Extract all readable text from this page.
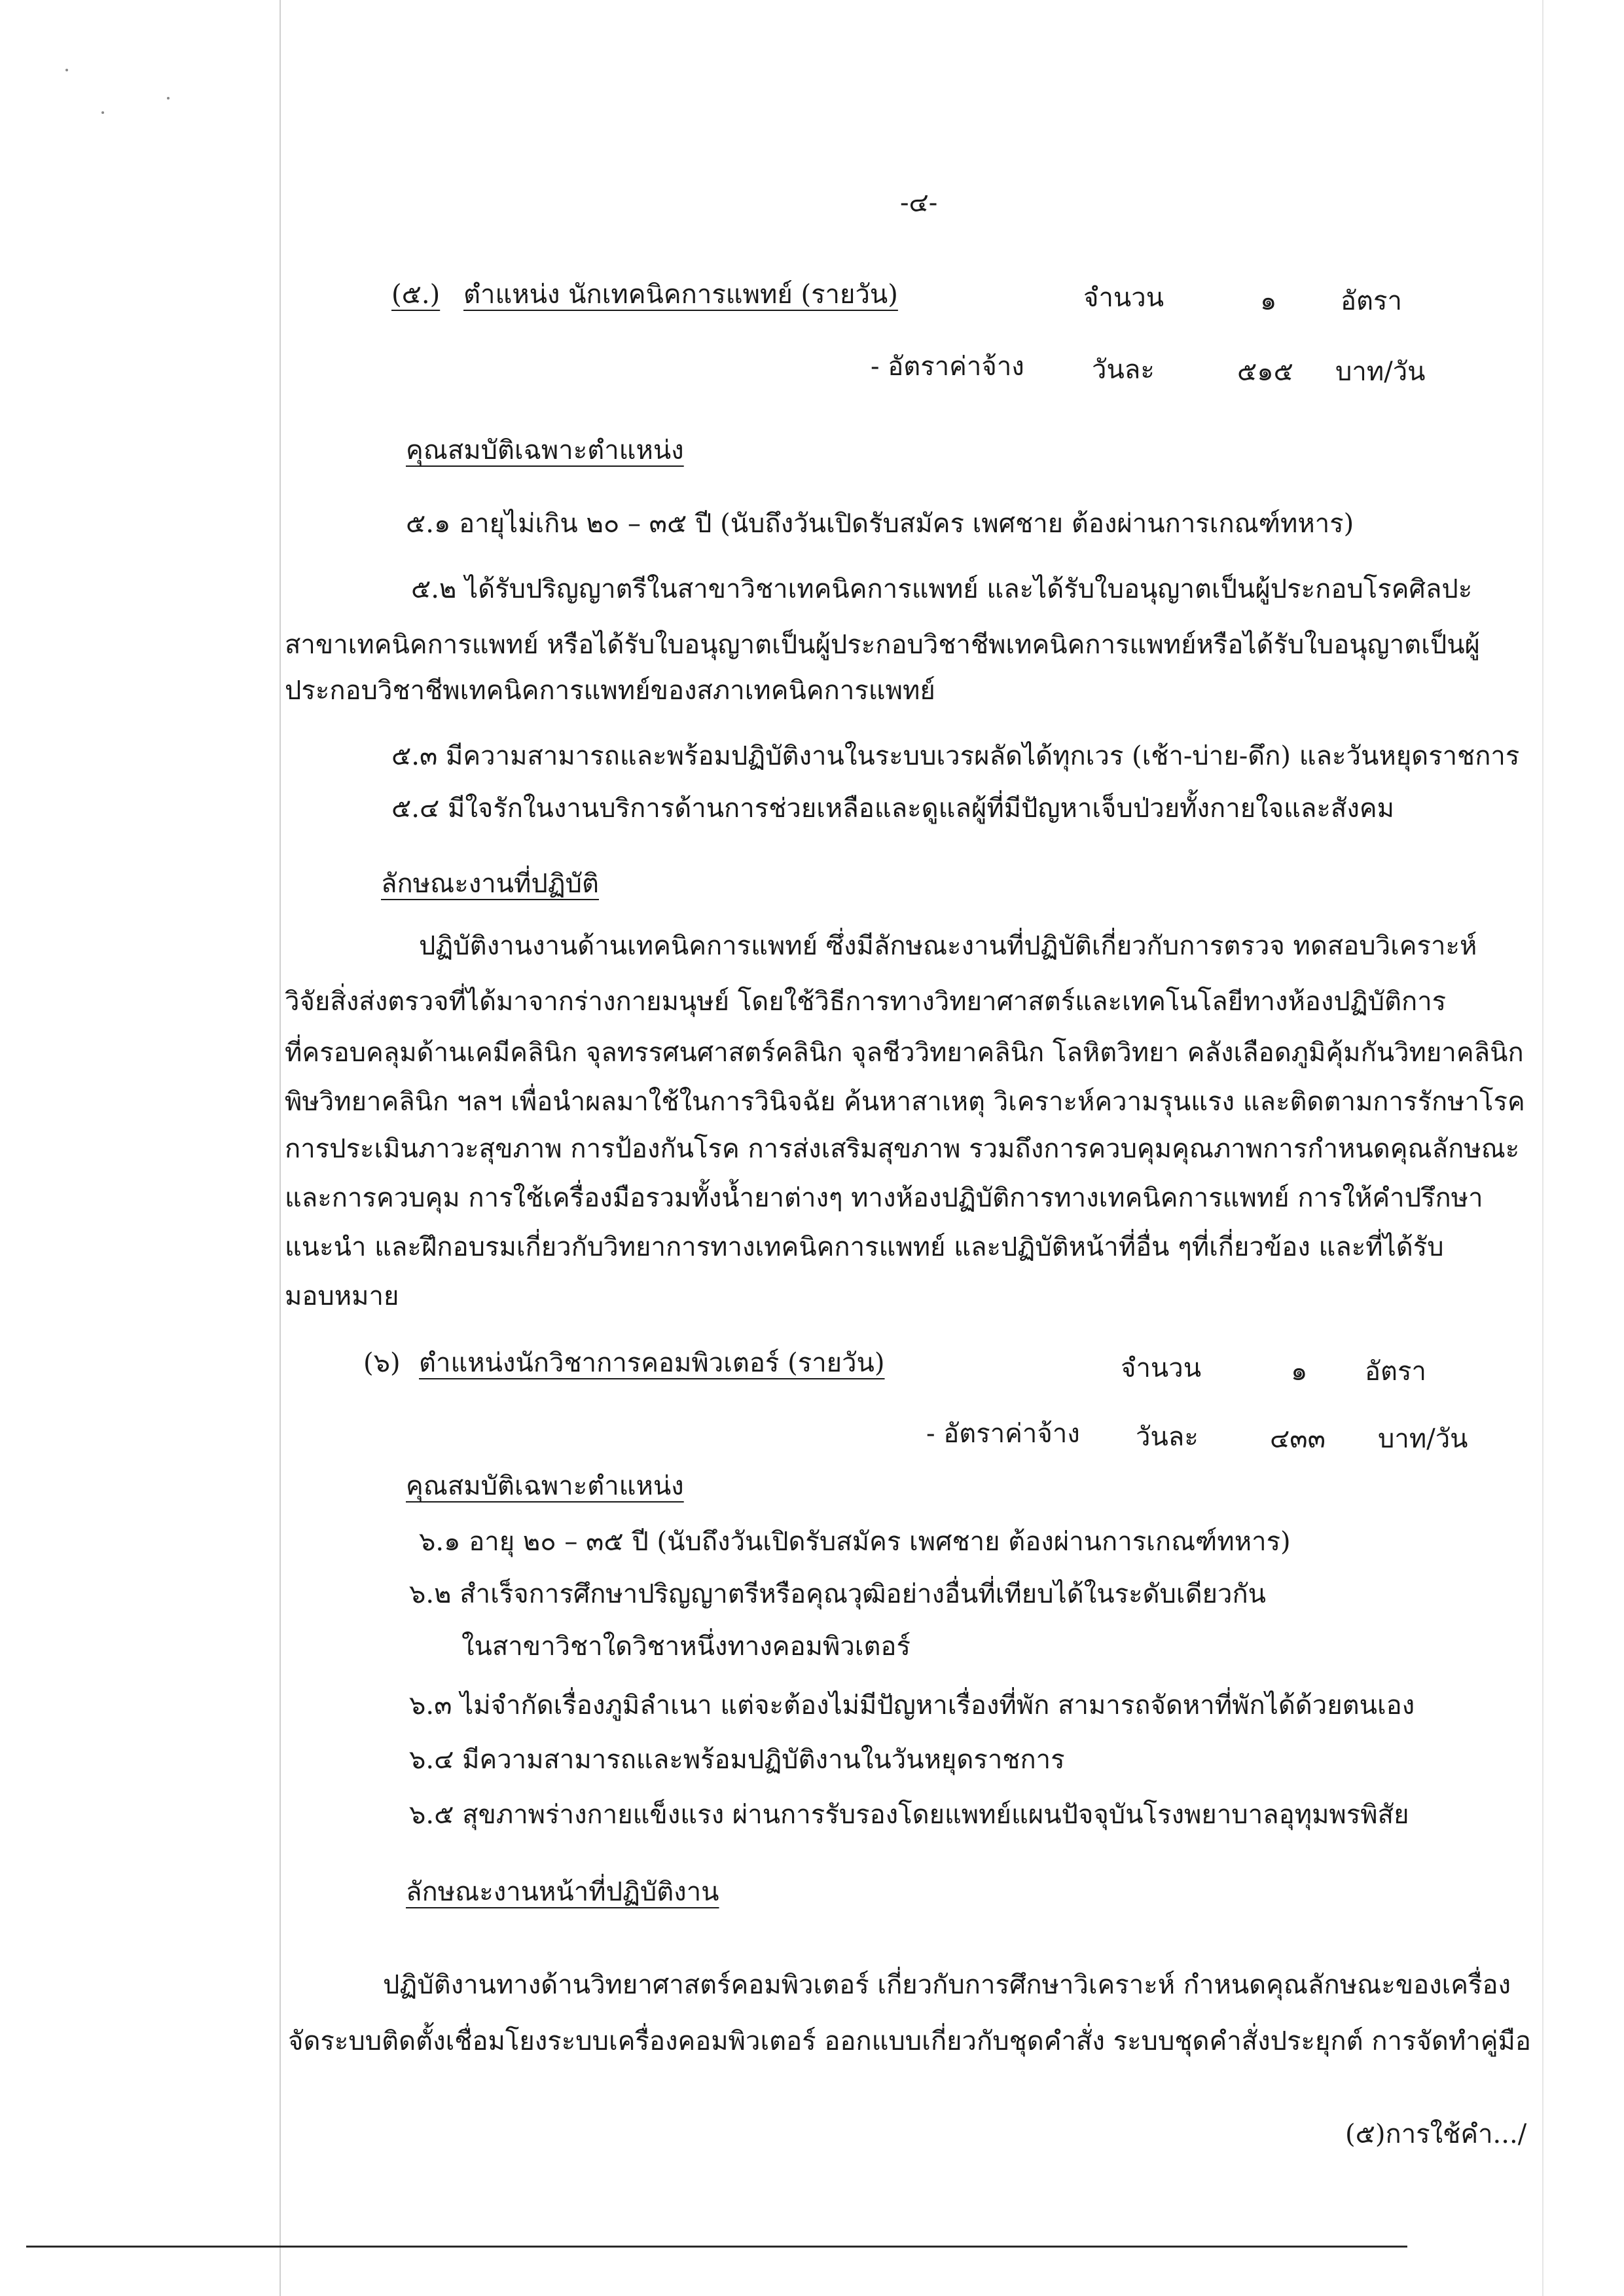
-๔-
(๕.) ตำแหน่ง นักเทคนิคการแพทย์ (รายวัน)	จำนวน	๑ อัตรา
- อัตราค่าจ้าง	วันละ	๕๑๕ บาท/วัน
คุณสมบัติเฉพาะตำแหน่ง
๕.๑ อายุไม่เกิน ๒๐ – ๓๕ ปี (นับถึงวันเปิดรับสมัคร เพศชาย ต้องผ่านการเกณฑ์ทหาร)
๕.๒ ได้รับปริญญาตรีในสาขาวิชาเทคนิคการแพทย์ และได้รับใบอนุญาตเป็นผู้ประกอบโรคศิลปะ
สาขาเทคนิคการแพทย์ หรือได้รับใบอนุญาตเป็นผู้ประกอบวิชาชีพเทคนิคการแพทย์หรือได้รับใบอนุญาตเป็นผู้
ประกอบวิชาชีพเทคนิคการแพทย์ของสภาเทคนิคการแพทย์
๕.๓ มีความสามารถและพร้อมปฏิบัติงานในระบบเวรผลัดได้ทุกเวร (เช้า-บ่าย-ดึก) และวันหยุดราชการ
๕.๔ มีใจรักในงานบริการด้านการช่วยเหลือและดูแลผู้ที่มีปัญหาเจ็บป่วยทั้งกายใจและสังคม
ลักษณะงานที่ปฏิบัติ
ปฏิบัติงานงานด้านเทคนิคการแพทย์ ซึ่งมีลักษณะงานที่ปฏิบัติเกี่ยวกับการตรวจ ทดสอบวิเคราะห์
วิจัยสิ่งส่งตรวจที่ได้มาจากร่างกายมนุษย์ โดยใช้วิธีการทางวิทยาศาสตร์และเทคโนโลยีทางห้องปฏิบัติการ
ที่ครอบคลุมด้านเคมีคลินิก จุลทรรศนศาสตร์คลินิก จุลชีววิทยาคลินิก โลหิตวิทยา คลังเลือดภูมิคุ้มกันวิทยาคลินิก
พิษวิทยาคลินิก ฯลฯ เพื่อนำผลมาใช้ในการวินิจฉัย ค้นหาสาเหตุ วิเคราะห์ความรุนแรง และติดตามการรักษาโรค
การประเมินภาวะสุขภาพ การป้องกันโรค การส่งเสริมสุขภาพ รวมถึงการควบคุมคุณภาพการกำหนดคุณลักษณะ
และการควบคุม การใช้เครื่องมือรวมทั้งน้ำยาต่างๆ ทางห้องปฏิบัติการทางเทคนิคการแพทย์ การให้คำปรึกษา
แนะนำ และฝึกอบรมเกี่ยวกับวิทยาการทางเทคนิคการแพทย์ และปฏิบัติหน้าที่อื่น ๆที่เกี่ยวข้อง และที่ได้รับ
มอบหมาย
(๖) ตำแหน่งนักวิชาการคอมพิวเตอร์ (รายวัน)	จำนวน	๑ อัตรา
- อัตราค่าจ้าง วันละ	๔๓๓ บาท/วัน
คุณสมบัติเฉพาะตำแหน่ง
๖.๑ อายุ ๒๐ – ๓๕ ปี (นับถึงวันเปิดรับสมัคร เพศชาย ต้องผ่านการเกณฑ์ทหาร)
๖.๒ สำเร็จการศึกษาปริญญาตรีหรือคุณวุฒิอย่างอื่นที่เทียบได้ในระดับเดียวกัน
ในสาขาวิชาใดวิชาหนึ่งทางคอมพิวเตอร์
๖.๓ ไม่จำกัดเรื่องภูมิลำเนา แต่จะต้องไม่มีปัญหาเรื่องที่พัก สามารถจัดหาที่พักได้ด้วยตนเอง
๖.๔ มีความสามารถและพร้อมปฏิบัติงานในวันหยุดราชการ
๖.๕ สุขภาพร่างกายแข็งแรง ผ่านการรับรองโดยแพทย์แผนปัจจุบันโรงพยาบาลอุทุมพรพิสัย
ลักษณะงานหน้าที่ปฏิบัติงาน
ปฏิบัติงานทางด้านวิทยาศาสตร์คอมพิวเตอร์ เกี่ยวกับการศึกษาวิเคราะห์ กำหนดคุณลักษณะของเครื่อง
จัดระบบติดตั้งเชื่อมโยงระบบเครื่องคอมพิวเตอร์ ออกแบบเกี่ยวกับชุดคำสั่ง ระบบชุดคำสั่งประยุกต์ การจัดทำคู่มือ
(๕)การใช้คำ.../
